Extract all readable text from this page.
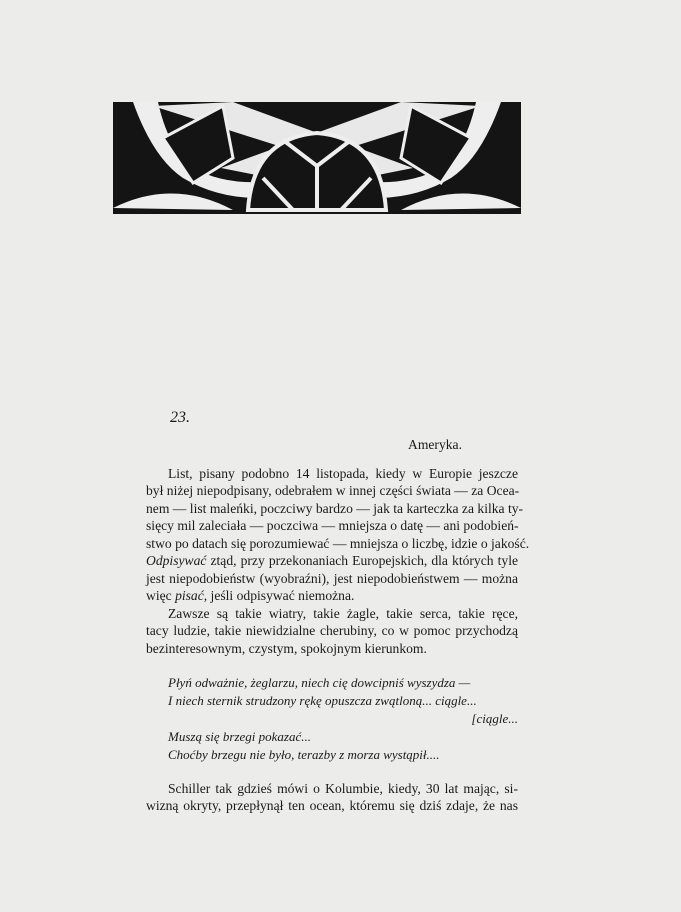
23.
Ameryka.
List, pisany podobno 14 listopada, kiedy w Europie jeszcze
był niżej niepodpisany, odebrałem w innej części świata — za Ocea-
nem — list maleńki, poczciwy bardzo — jak ta karteczka za kilka ty-
sięcy mil zaleciała — poczciwa — mniejsza o datę — ani podobień-
stwo po datach się porozumiewać — mniejsza o liczbę, idzie o jakość.
Odpisywać ztąd, przy przekonaniach Europejskich, dla których tyle
jest niepodobieństw (wyobraźni), jest niepodobieństwem — można
więc pisać, jeśli odpisywać niemożna.
Zawsze są takie wiatry, takie żagle, takie serca, takie ręce,
tacy ludzie, takie niewidzialne cherubiny, co w pomoc przychodzą
bezinteresownym, czystym, spokojnym kierunkom.
Płyń odważnie, żeglarzu, niech cię dowcipniś wyszydza —
I niech sternik strudzony rękę opuszcza zwątloną... ciągle...
[ciągle...
Muszą się brzegi pokazać...
Choćby brzegu nie było, terazby z morza wystąpił....
Schiller tak gdzieś mówi o Kolumbie, kiedy, 30 lat mając, si-
wizną okryty, przepłynął ten ocean, któremu się dziś zdaje, że nas
